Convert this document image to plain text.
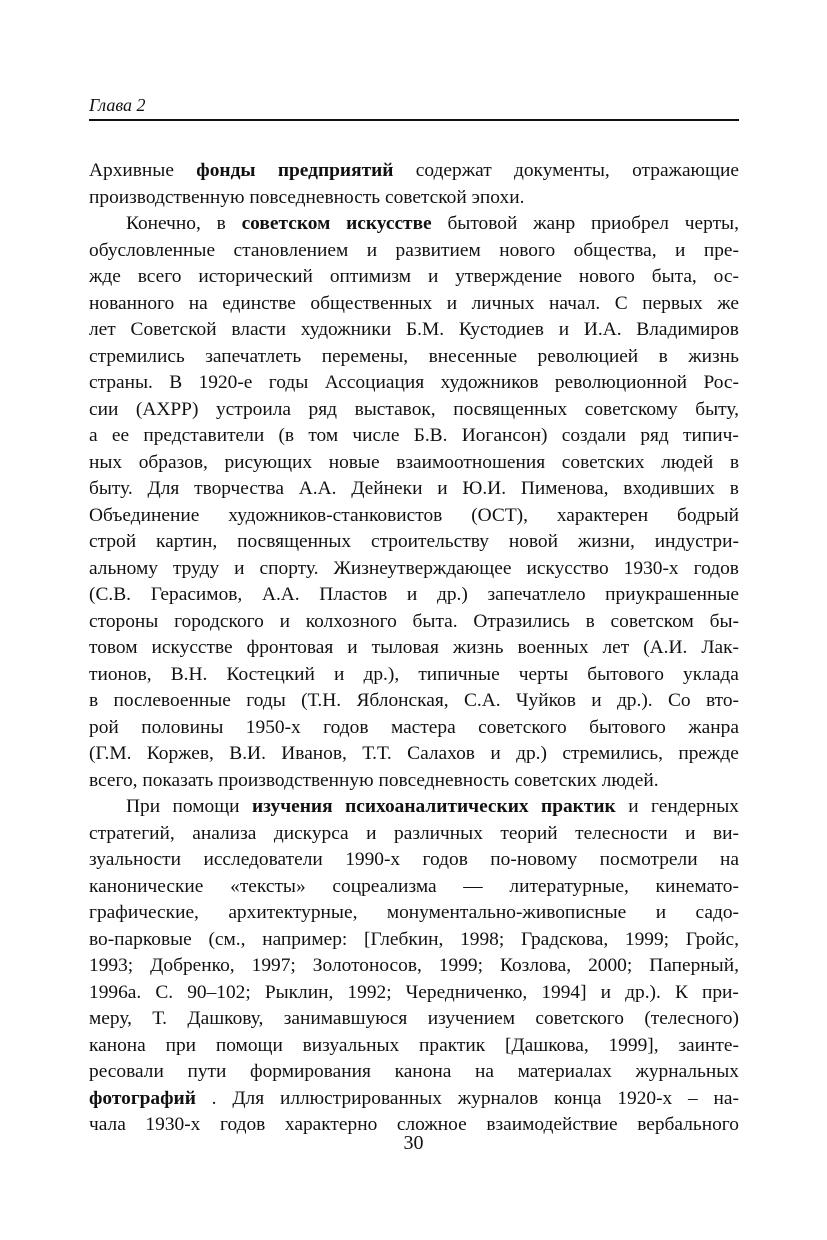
Глава 2
Архивные фонды предприятий содержат документы, отражающие
производственную повседневность советской эпохи.
Конечно, в советском искусстве бытовой жанр приобрел черты,
обусловленные становлением и развитием нового общества, и пре-
жде всего исторический оптимизм и утверждение нового быта, ос-
нованного на единстве общественных и личных начал. С первых же
лет Советской власти художники Б.М. Кустодиев и И.А. Владимиров
стремились запечатлеть перемены, внесенные революцией в жизнь
страны. В 1920-е годы Ассоциация художников революционной Рос-
сии (АХРР) устроила ряд выставок, посвященных советскому быту,
а ее представители (в том числе Б.В. Иогансон) создали ряд типич-
ных образов, рисующих новые взаимоотношения советских людей в
быту. Для творчества А.А. Дейнеки и Ю.И. Пименова, входивших в
Объединение художников-станковистов (ОСТ), характерен бодрый
строй картин, посвященных строительству новой жизни, индустри-
альному труду и спорту. Жизнеутверждающее искусство 1930-х годов
(С.В. Герасимов, А.А. Пластов и др.) запечатлело приукрашенные
стороны городского и колхозного быта. Отразились в советском бы-
товом искусстве фронтовая и тыловая жизнь военных лет (А.И. Лак-
тионов, В.Н. Костецкий и др.), типичные черты бытового уклада
в послевоенные годы (Т.Н. Яблонская, С.А. Чуйков и др.). Со вто-
рой половины 1950-х годов мастера советского бытового жанра
(Г.М. Коржев, В.И. Иванов, Т.Т. Салахов и др.) стремились, прежде
всего, показать производственную повседневность советских людей.
При помощи изучения психоаналитических практик и гендерных
стратегий, анализа дискурса и различных теорий телесности и ви-
зуальности исследователи 1990-х годов по-новому посмотрели на
канонические «тексты» соцреализма — литературные, кинемато-
графические, архитектурные, монументально-живописные и садо-
во-парковые (см., например: [Глебкин, 1998; Градскова, 1999; Гройс,
1993; Добренко, 1997; Золотоносов, 1999; Козлова, 2000; Паперный,
1996а. С. 90–102; Рыклин, 1992; Чередниченко, 1994] и др.). К при-
меру, Т. Дашкову, занимавшуюся изучением советского (телесного)
канона при помощи визуальных практик [Дашкова, 1999], заинте-
ресовали пути формирования канона на материалах журнальных
фотографий . Для иллюстрированных журналов конца 1920-х – на-
чала 1930-х годов характерно сложное взаимодействие вербального
30
